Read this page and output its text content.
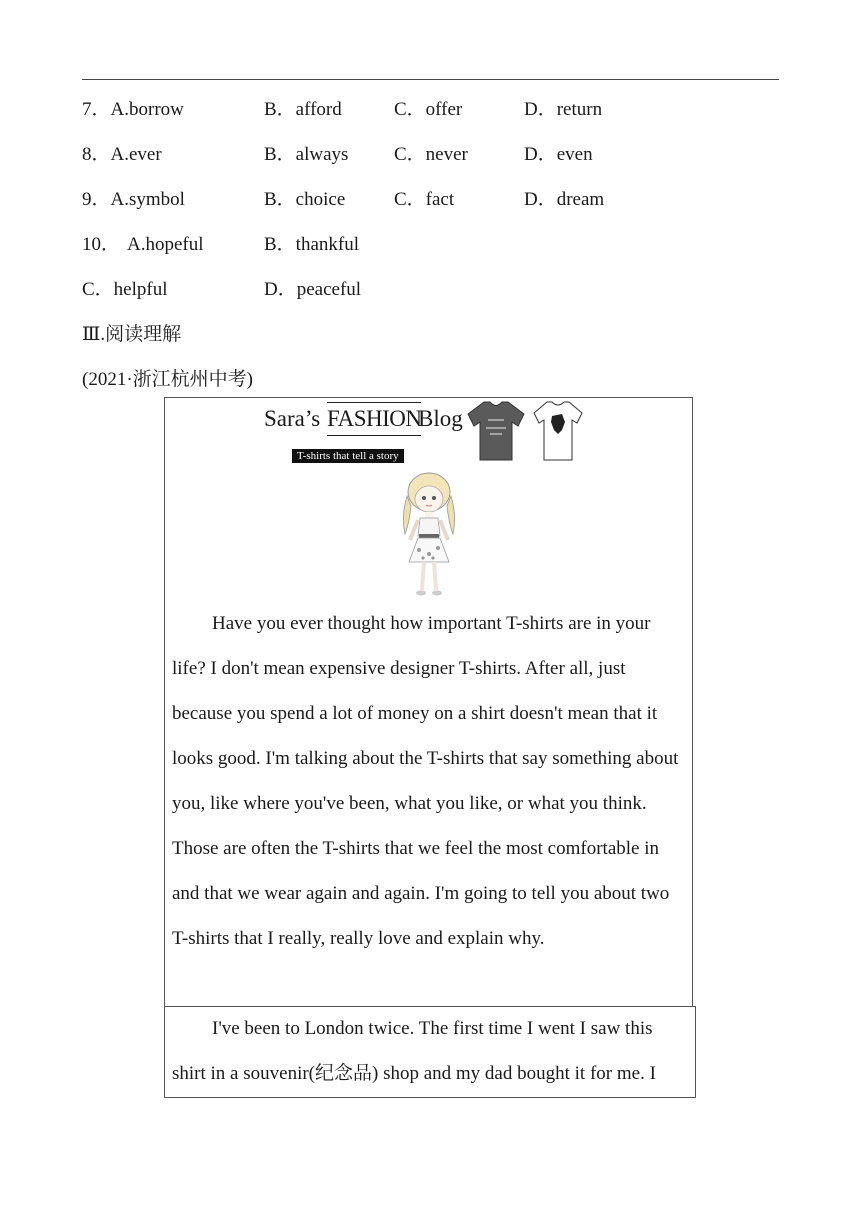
7．A.borrow	B．afford	C．offer	D．return
8．A.ever	B．always C．never	D．even
9．A.symbol	B．choice	C．fact	D．dream
10． A.hopeful	B．thankful
C．helpful	D．peaceful
Ⅲ.阅读理解
(2021·浙江杭州中考)
Sara’s FASHION
Blog
T-shirts that tell a story

Have you ever thought how important T-shirts are in your life? I don't mean expensive designer T-shirts. After all, just because you spend a lot of money on a shirt doesn't mean that it looks good. I'm talking about the T-shirts that say something about you, like where you've been, what you like, or what you think. Those are often the T-shirts that we feel the most comfortable in and that we wear again and again. I'm going to tell you about two T-shirts that I really, really love and explain why.

I've been to London twice. The first time I went I saw this shirt in a souvenir(纪念品) shop and my dad bought it for me. I
